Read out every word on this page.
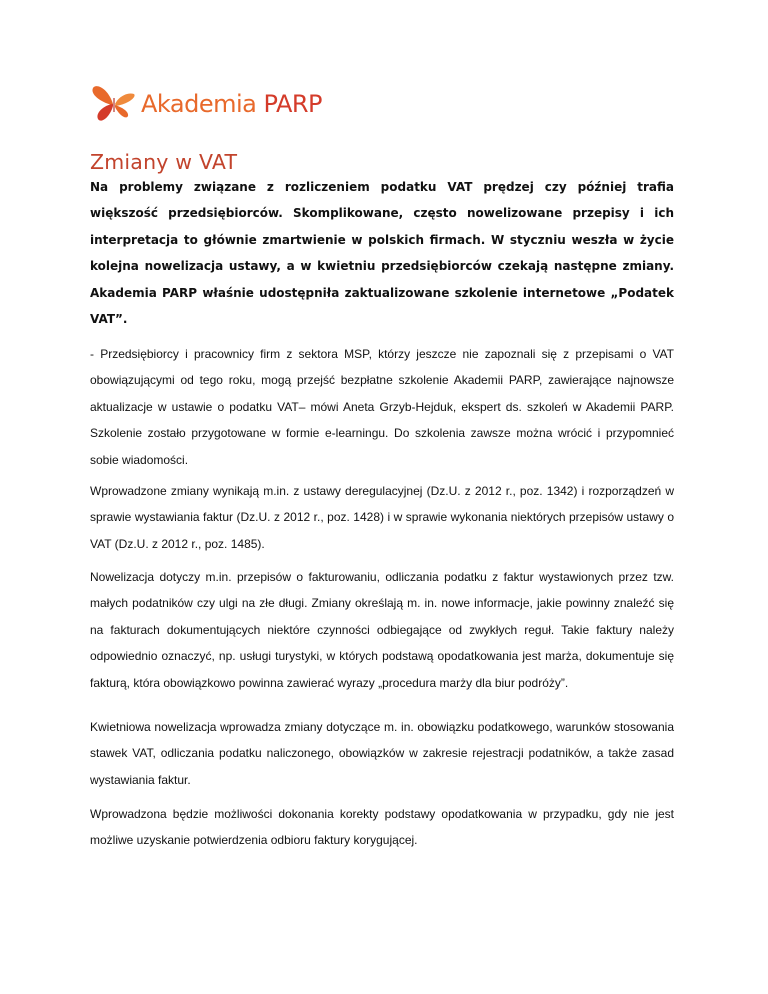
Akademia PARP
Zmiany w VAT

Na problemy związane z rozliczeniem podatku VAT prędzej czy później trafia większość przedsiębiorców. Skomplikowane, często nowelizowane przepisy i ich interpretacja to głównie zmartwienie w polskich firmach. W styczniu weszła w życie kolejna nowelizacja ustawy, a w kwietniu przedsiębiorców czekają następne zmiany. Akademia PARP właśnie udostępniła zaktualizowane szkolenie internetowe „Podatek VAT”.

- Przedsiębiorcy i pracownicy firm z sektora MSP, którzy jeszcze nie zapoznali się z przepisami o VAT obowiązującymi od tego roku, mogą przejść bezpłatne szkolenie Akademii PARP, zawierające najnowsze aktualizacje w ustawie o podatku VAT– mówi Aneta Grzyb-Hejduk, ekspert ds. szkoleń w Akademii PARP. Szkolenie zostało przygotowane w formie e-learningu. Do szkolenia zawsze można wrócić i przypomnieć sobie wiadomości.

Wprowadzone zmiany wynikają m.in. z ustawy deregulacyjnej (Dz.U. z 2012 r., poz. 1342) i rozporządzeń w sprawie wystawiania faktur (Dz.U. z 2012 r., poz. 1428) i w sprawie wykonania niektórych przepisów ustawy o VAT (Dz.U. z 2012 r., poz. 1485).

Nowelizacja dotyczy m.in. przepisów o fakturowaniu, odliczania podatku z faktur wystawionych przez tzw. małych podatników czy ulgi na złe długi. Zmiany określają m. in. nowe informacje, jakie powinny znaleźć się na fakturach dokumentujących niektóre czynności odbiegające od zwykłych reguł. Takie faktury należy odpowiednio oznaczyć, np. usługi turystyki, w których podstawą opodatkowania jest marża, dokumentuje się fakturą, która obowiązkowo powinna zawierać wyrazy „procedura marży dla biur podróży”.

Kwietniowa nowelizacja wprowadza zmiany dotyczące m. in. obowiązku podatkowego, warunków stosowania stawek VAT, odliczania podatku naliczonego, obowiązków w zakresie rejestracji podatników, a także zasad wystawiania faktur.

Wprowadzona będzie możliwości dokonania korekty podstawy opodatkowania w przypadku, gdy nie jest możliwe uzyskanie potwierdzenia odbioru faktury korygującej.
